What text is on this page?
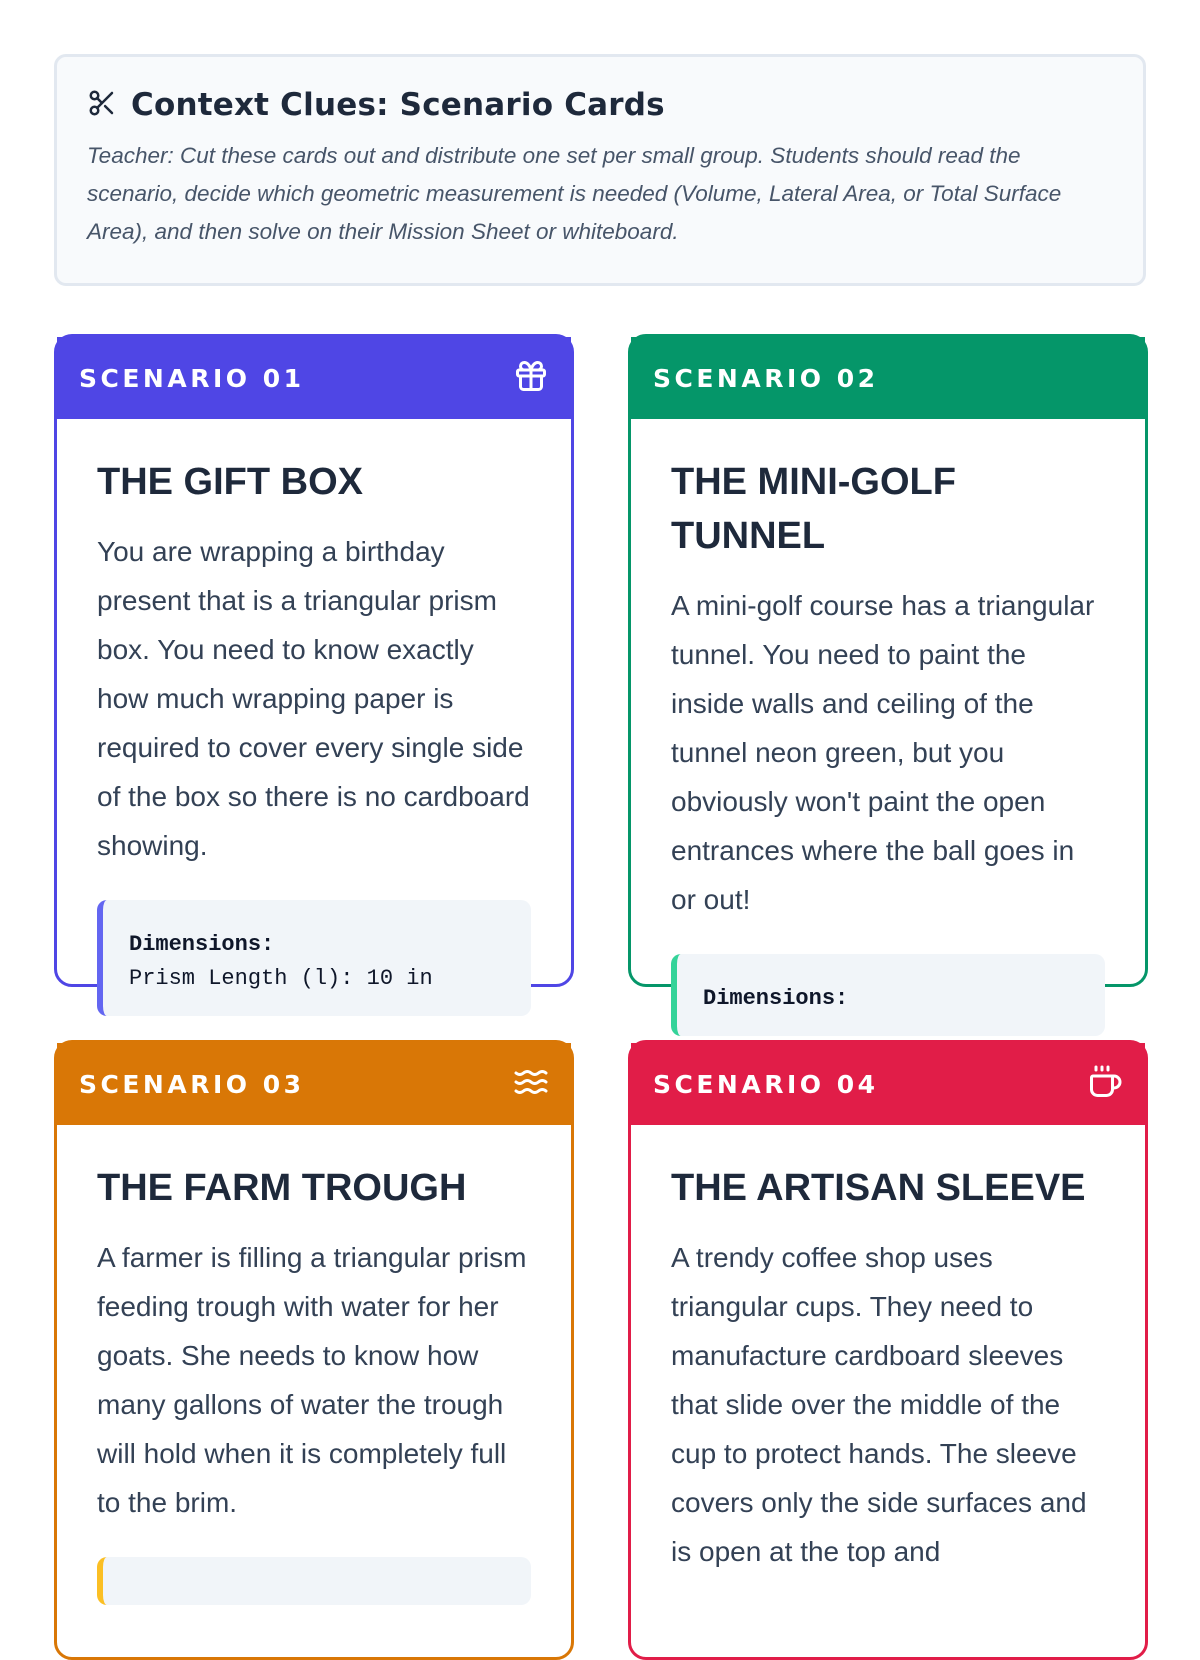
Context Clues: Scenario Cards

Teacher: Cut these cards out and distribute one set per small group. Students should read the scenario, decide which geometric measurement is needed (Volume, Lateral Area, or Total Surface Area), and then solve on their Mission Sheet or whiteboard.

SCENARIO 01
THE GIFT BOX

You are wrapping a birthday present that is a triangular prism box. You need to know exactly how much wrapping paper is required to cover every single side of the box so there is no cardboard showing.

Dimensions:
Prism Length (l): 10 in
SCENARIO 02
THE MINI-GOLF TUNNEL

A mini-golf course has a triangular tunnel. You need to paint the inside walls and ceiling of the tunnel neon green, but you obviously won't paint the open entrances where the ball goes in or out!

Dimensions:
SCENARIO 03
THE FARM TROUGH

A farmer is filling a triangular prism feeding trough with water for her goats. She needs to know how many gallons of water the trough will hold when it is completely full to the brim.

SCENARIO 04
THE ARTISAN SLEEVE

A trendy coffee shop uses triangular cups. They need to manufacture cardboard sleeves that slide over the middle of the cup to protect hands. The sleeve covers only the side surfaces and is open at the top and
